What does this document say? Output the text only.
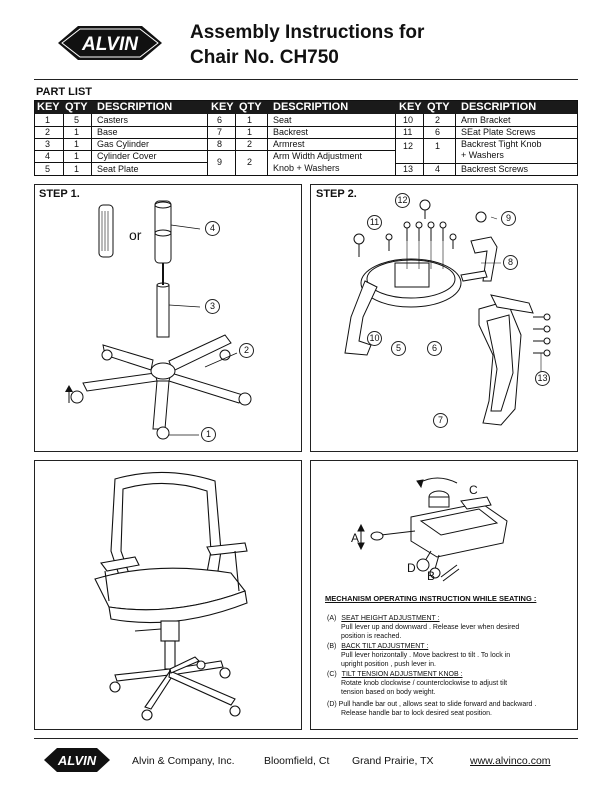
ALVIN
Assembly Instructions for
Chair No. CH750
PART LIST
KEY QTY DESCRIPTION	KEY QTY DESCRIPTION	KEY QTY DESCRIPTION
1	5 Casters
2	1 Base
3	1 Gas Cylinder
4	1 Cylinder Cover
5	1 Seat Plate
6	1 Seat
7	1 Backrest
8	2 Armrest
9	2
Arm Width Adjustment
Knob + Washers
10 2 Arm Bracket
11	6 SEat Plate Screws
12 1 Backrest Tight Knob
+ Washers
13 4 Backrest Screws
STEP 1.
or	4
3
2
1
STEP 2.	12
9
11
8
10
5	6
13
7
A
B
C
D
MECHANISM OPERATING INSTRUCTION WHILE SEATING :
(A) SEAT HEIGHT ADJUSTMENT :
Pull lever up and downward . Release lever when desired
position is reached.
(B) BACK TILT ADJUSTMENT :
Pull lever horizontally . Move backrest to tilt . To lock in
upright position , push lever in.
(C) TILT TENSION ADJUSTMENT KNOB :
Rotate knob clockwise / counterclockwise to adjust tilt
tension based on body weight.
(D) Pull handle bar out , allows seat to slide forward and backward .
Release handle bar to lock desired seat position.
ALVIN	Alvin & Company, Inc.	Bloomfield, Ct Grand Prairie, TX	www.alvinco.com
